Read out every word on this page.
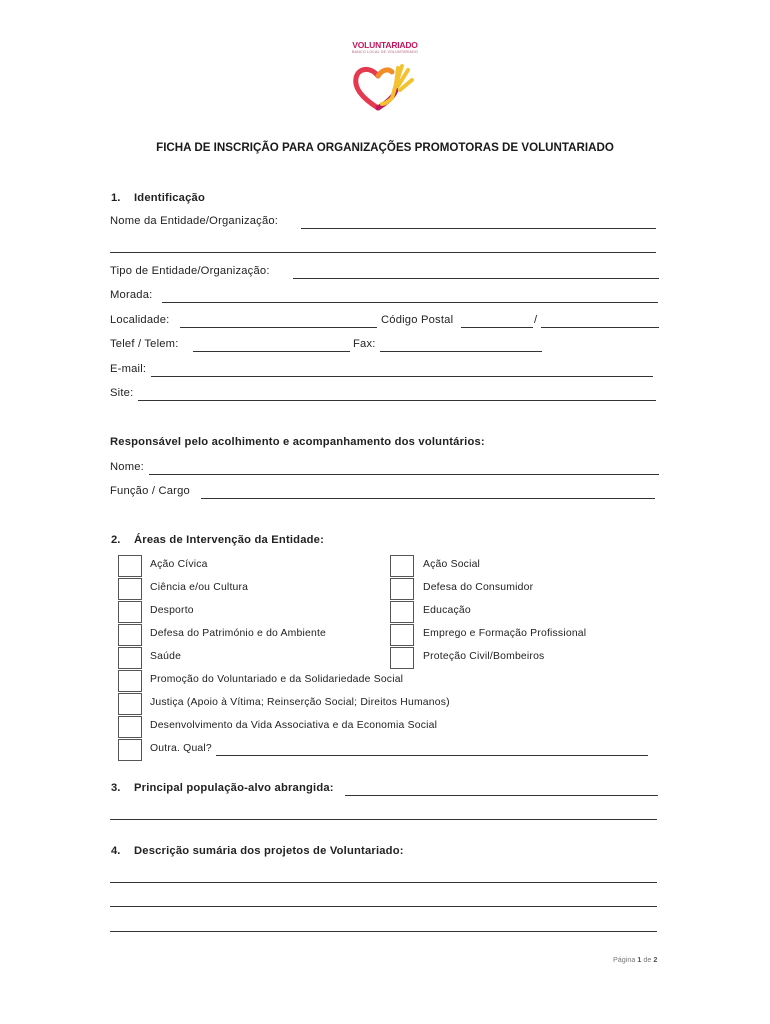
VOLUNTARIADO
BANCO LOCAL DE VOLUNTARIADO
FICHA DE INSCRIÇÃO PARA ORGANIZAÇÕES PROMOTORAS DE VOLUNTARIADO
1. Identificação
Nome da Entidade/Organização:
Tipo de Entidade/Organização:
Morada:
Localidade:	Código Postal	/
Telef / Telem:	Fax:
E-mail:
Site:
Responsável pelo acolhimento e acompanhamento dos voluntários:
Nome:
Função / Cargo
2. Áreas de Intervenção da Entidade:
Ação Cívica
Ciência e/ou Cultura
Desporto
Defesa do Património e do Ambiente
Saúde
Promoção do Voluntariado e da Solidariedade Social
Justiça (Apoio à Vítima; Reinserção Social; Direitos Humanos)
Desenvolvimento da Vida Associativa e da Economia Social
Outra. Qual?
Ação Social
Defesa do Consumidor
Educação
Emprego e Formação Profissional
Proteção Civil/Bombeiros
3. Principal população-alvo abrangida:
4. Descrição sumária dos projetos de Voluntariado:
Página 1 de 2
